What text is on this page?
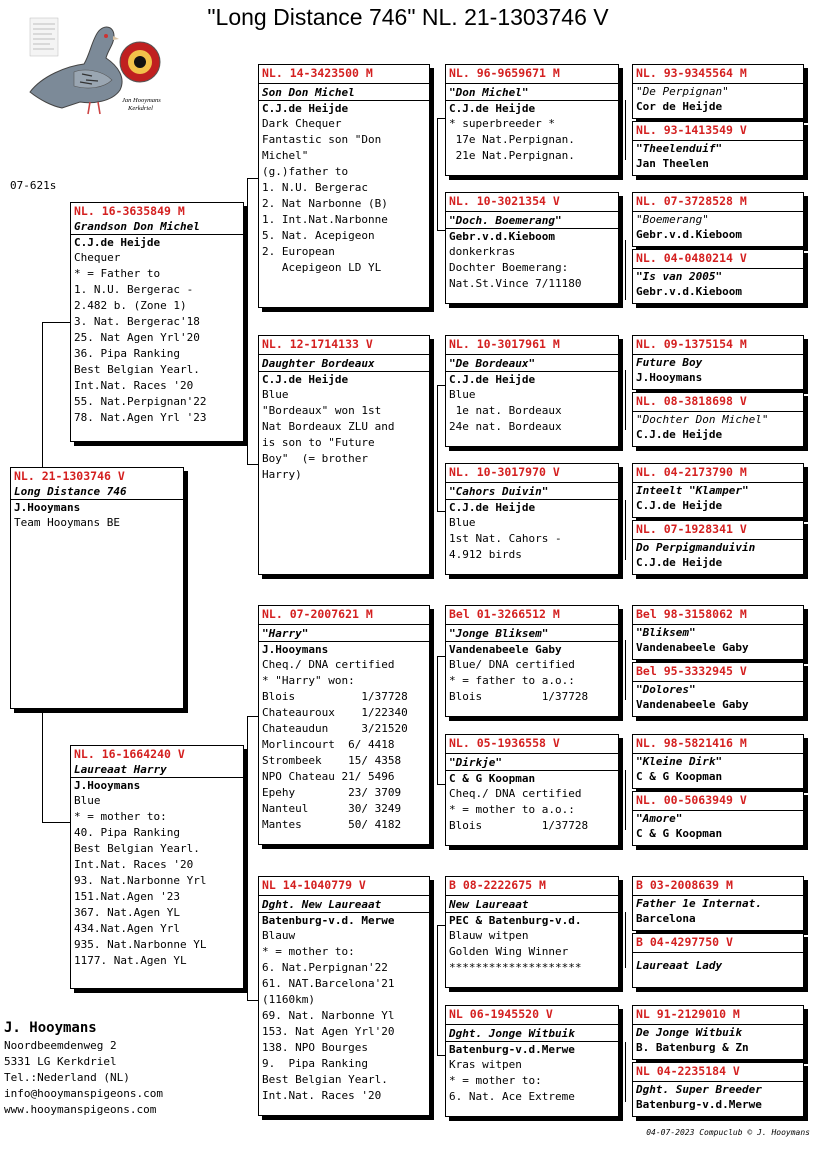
"Long Distance 746" NL. 21-1303746 V
Jan Hooymans
Kerkdriel
07-621s
NL. 21-1303746 V
Long Distance 746
J.Hooymans
Team Hooymans BE
NL. 16-3635849 M
Grandson Don Michel
C.J.de Heijde
Chequer
* = Father to
1. N.U. Bergerac -
2.482 b. (Zone 1)
3. Nat. Bergerac'18
25. Nat Agen Yrl'20
36. Pipa Ranking
Best Belgian Yearl.
Int.Nat. Races '20
55. Nat.Perpignan'22
78. Nat.Agen Yrl '23
NL. 16-1664240 V
Laureaat Harry
J.Hooymans
Blue
* = mother to:
40. Pipa Ranking
Best Belgian Yearl.
Int.Nat. Races '20
93. Nat.Narbonne Yrl
151.Nat.Agen '23
367. Nat.Agen YL
434.Nat.Agen Yrl
935. Nat.Narbonne YL
1177. Nat.Agen YL
NL. 14-3423500 M
Son Don Michel
C.J.de Heijde
Dark Chequer
Fantastic son "Don
Michel"
(g.)father to
1. N.U. Bergerac
2. Nat Narbonne (B)
1. Int.Nat.Narbonne
5. Nat. Acepigeon
2. European
Acepigeon LD YL
NL. 12-1714133 V
Daughter Bordeaux
C.J.de Heijde
Blue
"Bordeaux" won 1st
Nat Bordeaux ZLU and
is son to "Future
Boy"  (= brother
Harry)
NL. 07-2007621 M
"Harry"
J.Hooymans
Cheq./ DNA certified
* "Harry" won:
Blois          1/37728
Chateauroux    1/22340
Chateaudun     3/21520
Morlincourt  6/ 4418
Strombeek    15/ 4358
NPO Chateau 21/ 5496
Epehy        23/ 3709
Nanteul      30/ 3249
Mantes       50/ 4182
NL 14-1040779 V
Dght. New Laureaat
Batenburg-v.d. Merwe
Blauw
* = mother to:
6. Nat.Perpignan'22
61. NAT.Barcelona'21
(1160km)
69. Nat. Narbonne Yl
153. Nat Agen Yrl'20
138. NPO Bourges
9.  Pipa Ranking
Best Belgian Yearl.
Int.Nat. Races '20
NL. 96-9659671 M
"Don Michel"
C.J.de Heijde
* superbreeder *
17e Nat.Perpignan.
21e Nat.Perpignan.
NL. 10-3021354 V
"Doch. Boemerang"
Gebr.v.d.Kieboom
donkerkras
Dochter Boemerang:
Nat.St.Vince 7/11180
NL. 10-3017961 M
"De Bordeaux"
C.J.de Heijde
Blue
1e nat. Bordeaux
24e nat. Bordeaux
NL. 10-3017970 V
"Cahors Duivin"
C.J.de Heijde
Blue
1st Nat. Cahors -
4.912 birds
Bel 01-3266512 M
"Jonge Bliksem"
Vandenabeele Gaby
Blue/ DNA certified
* = father to a.o.:
Blois         1/37728
NL. 05-1936558 V
"Dirkje"
C & G Koopman
Cheq./ DNA certified
* = mother to a.o.:
Blois         1/37728
B 08-2222675 M
New Laureaat
PEC & Batenburg-v.d.
Blauw witpen
Golden Wing Winner
********************
NL 06-1945520 V
Dght. Jonge Witbuik
Batenburg-v.d.Merwe
Kras witpen
* = mother to:
6. Nat. Ace Extreme
NL. 93-9345564 M
"De Perpignan"
Cor de Heijde
NL. 93-1413549 V
"Theelenduif"
Jan Theelen
NL. 07-3728528 M
"Boemerang"
Gebr.v.d.Kieboom
NL. 04-0480214 V
"Is van 2005"
Gebr.v.d.Kieboom
NL. 09-1375154 M
Future Boy
J.Hooymans
NL. 08-3818698 V
"Dochter Don Michel"
C.J.de Heijde
NL. 04-2173790 M
Inteelt "Klamper"
C.J.de Heijde
NL. 07-1928341 V
Do Perpigmanduivin
C.J.de Heijde
Bel 98-3158062 M
"Bliksem"
Vandenabeele Gaby
Bel 95-3332945 V
"Dolores"
Vandenabeele Gaby
NL. 98-5821416 M
"Kleine Dirk"
C & G Koopman
NL. 00-5063949 V
"Amore"
C & G Koopman
B 03-2008639 M
Father 1e Internat.
Barcelona
B 04-4297750 V
Laureaat Lady
NL 91-2129010 M
De Jonge Witbuik
B. Batenburg & Zn
NL 04-2235184 V
Dght. Super Breeder
Batenburg-v.d.Merwe
J. Hooymans
Noordbeemdenweg 2
5331 LG Kerkdriel
Tel.:Nederland (NL)
info@hooymanspigeons.com
www.hooymanspigeons.com
04-07-2023 Compuclub © J. Hooymans
